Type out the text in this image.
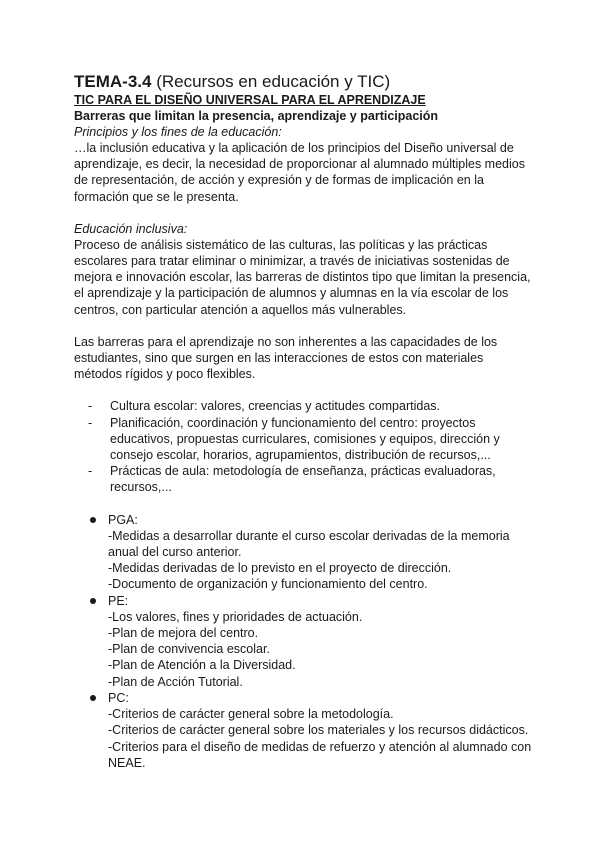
TEMA-3.4 (Recursos en educación y TIC)

TIC PARA EL DISEÑO UNIVERSAL PARA EL APRENDIZAJE

Barreras que limitan la presencia, aprendizaje y participación

Principios y los fines de la educación:

…la inclusión educativa y la aplicación de los principios del Diseño universal de aprendizaje, es decir, la necesidad de proporcionar al alumnado múltiples medios de representación, de acción y expresión y de formas de implicación en la formación que se le presenta.

Educación inclusiva:

Proceso de análisis sistemático de las culturas, las políticas y las prácticas escolares para tratar eliminar o minimizar, a través de iniciativas sostenidas de mejora e innovación escolar, las barreras de distintos tipo que limitan la presencia, el aprendizaje y la participación de alumnos y alumnas en la vía escolar de los centros, con particular atención a aquellos más vulnerables.

Las barreras para el aprendizaje no son inherentes a las capacidades de los estudiantes, sino que surgen en las interacciones de estos con materiales métodos rígidos y poco flexibles.

- Cultura escolar: valores, creencias y actitudes compartidas.
- Planificación, coordinación y funcionamiento del centro: proyectos educativos, propuestas curriculares, comisiones y equipos, dirección y consejo escolar, horarios, agrupamientos, distribución de recursos,...
- Prácticas de aula: metodología de enseñanza, prácticas evaluadoras, recursos,...
PGA:
-Medidas a desarrollar durante el curso escolar derivadas de la memoria anual del curso anterior.
-Medidas derivadas de lo previsto en el proyecto de dirección.
-Documento de organización y funcionamiento del centro.
PE:
-Los valores, fines y prioridades de actuación.
-Plan de mejora del centro.
-Plan de convivencia escolar.
-Plan de Atención a la Diversidad.
-Plan de Acción Tutorial.
PC:
-Criterios de carácter general sobre la metodología.
-Criterios de carácter general sobre los materiales y los recursos didácticos.
-Criterios para el diseño de medidas de refuerzo y atención al alumnado con NEAE.
